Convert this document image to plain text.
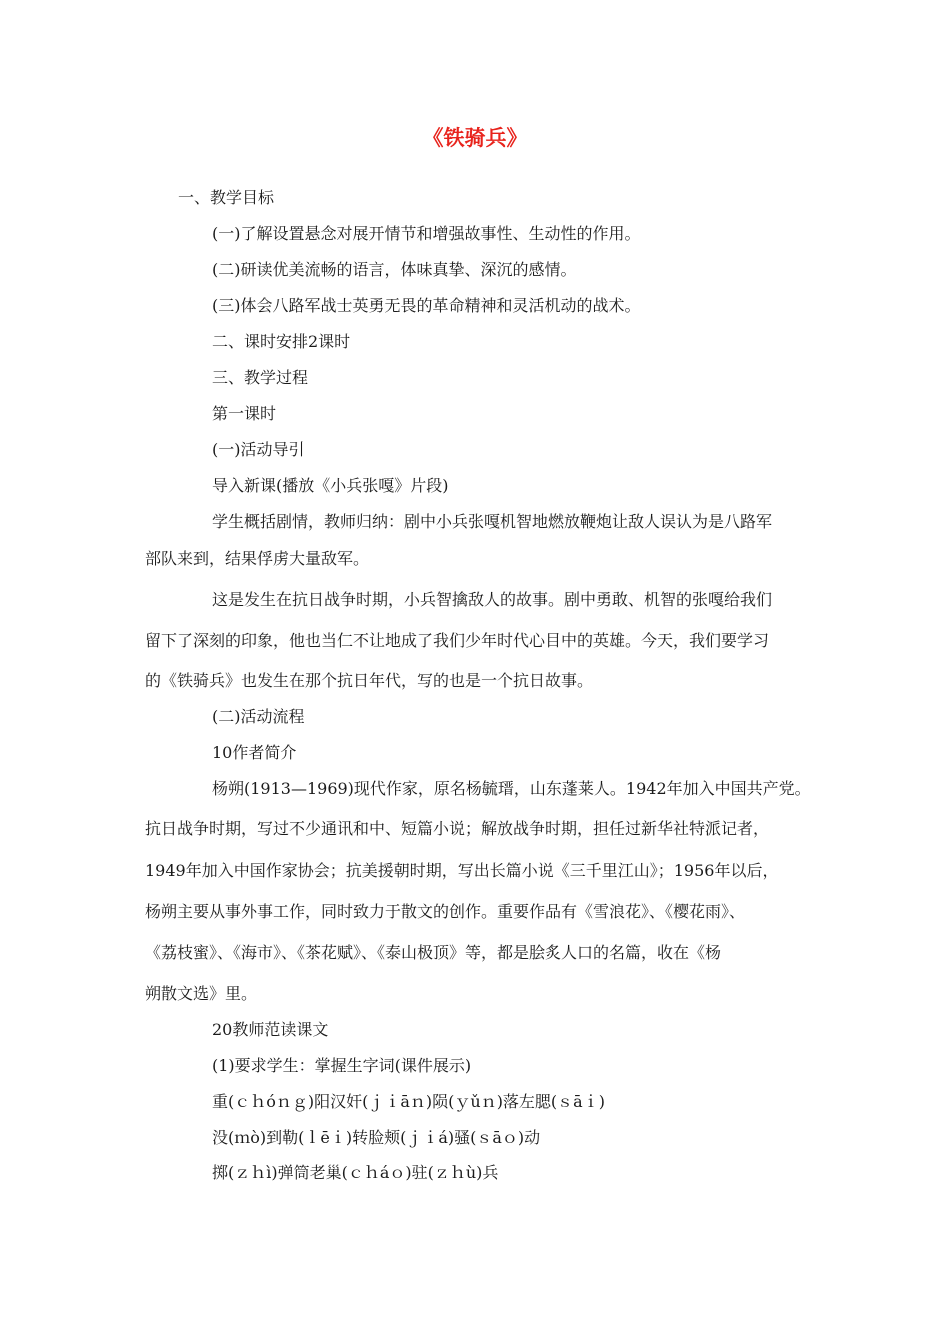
《铁骑兵》
一、教学目标
(一)了解设置悬念对展开情节和增强故事性、生动性的作用。
(二)研读优美流畅的语言，体味真挚、深沉的感情。
(三)体会八路军战士英勇无畏的革命精神和灵活机动的战术。
二、课时安排2课时
三、教学过程
第一课时
(一)活动导引
导入新课(播放《小兵张嘎》片段)
学生概括剧情，教师归纳：剧中小兵张嘎机智地燃放鞭炮让敌人误认为是八路军
部队来到，结果俘虏大量敌军。
这是发生在抗日战争时期，小兵智擒敌人的故事。剧中勇敢、机智的张嘎给我们
留下了深刻的印象，他也当仁不让地成了我们少年时代心目中的英雄。今天，我们要学习
的《铁骑兵》也发生在那个抗日年代，写的也是一个抗日故事。
(二)活动流程
10作者简介
杨朔(1913—1969)现代作家，原名杨毓瑨，山东蓬莱人。1942年加入中国共产党。
抗日战争时期，写过不少通讯和中、短篇小说；解放战争时期，担任过新华社特派记者，
1949年加入中国作家协会；抗美援朝时期，写出长篇小说《三千里江山》；1956年以后，
杨朔主要从事外事工作，同时致力于散文的创作。重要作品有《雪浪花》、《樱花雨》、
《荔枝蜜》、《海市》、《茶花赋》、《泰山极顶》等，都是脍炙人口的名篇，收在《杨
朔散文选》里。
20教师范读课文
(1)要求学生：掌握生字词(课件展示)
重(ｃｈóｎｇ)阳汉奸(ｊｉāｎ)陨(ｙǔｎ)落左腮(ｓāｉ)
没(ｍò)到勒(ｌēｉ)转脸颊(ｊｉá)骚(ｓāｏ)动
掷(ｚｈì)弹筒老巢(ｃｈáｏ)驻(ｚｈù)兵
